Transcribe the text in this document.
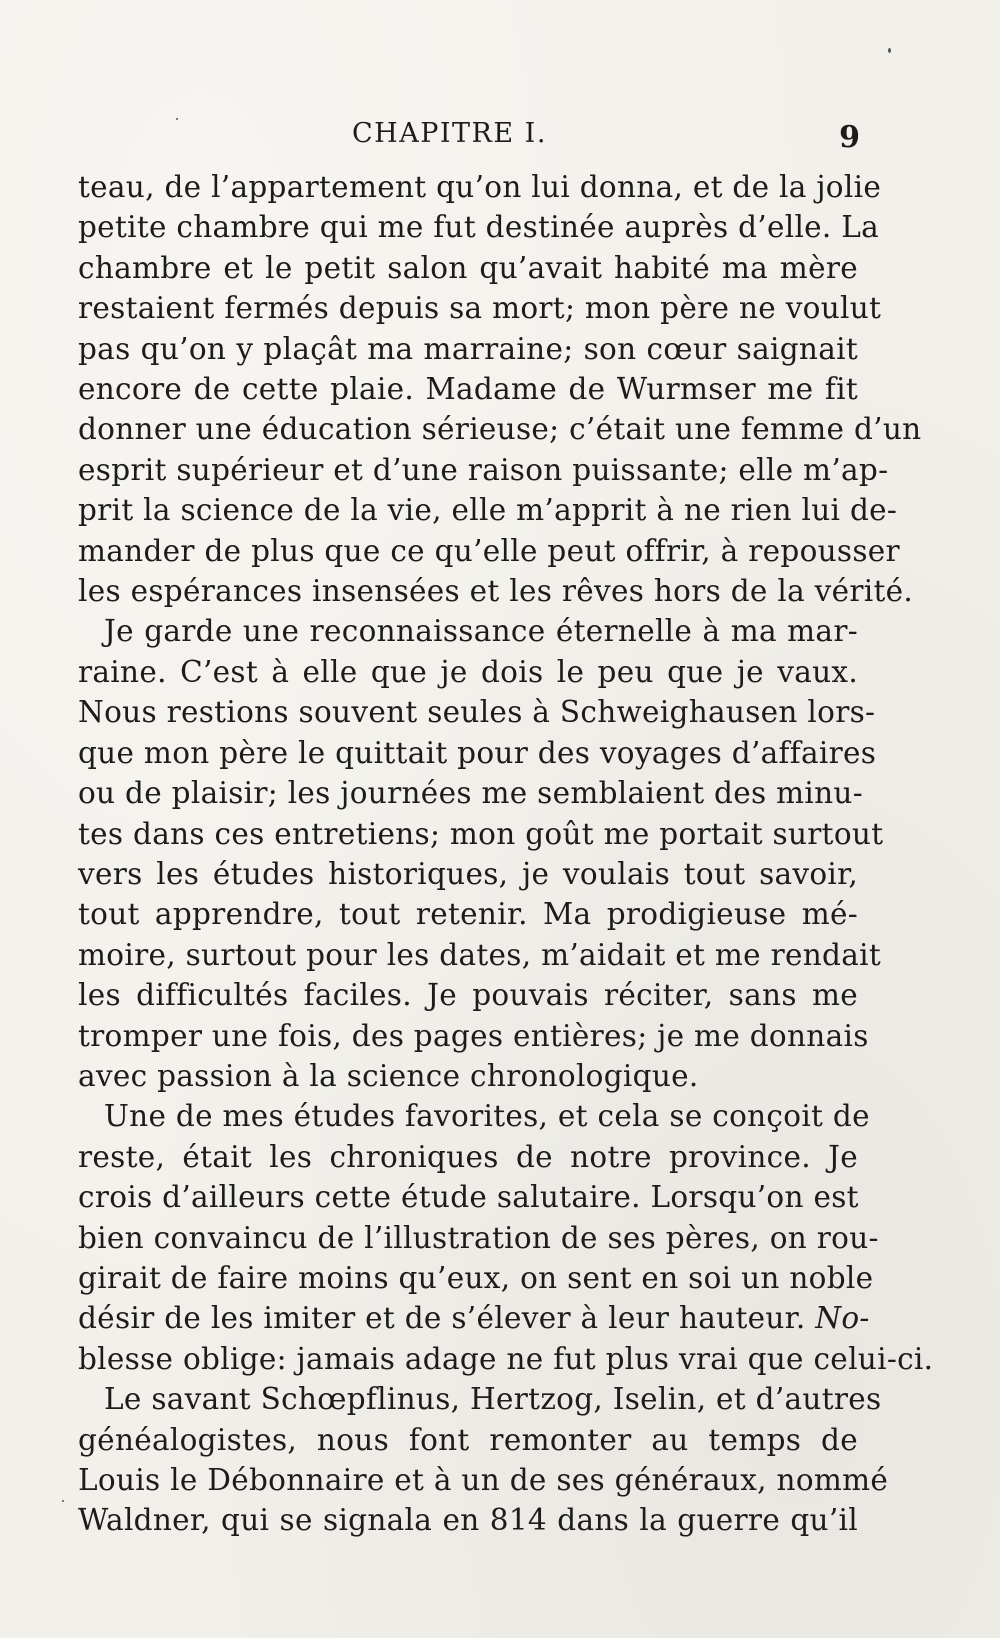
CHAPITRE I.	9
teau, de l’appartement qu’on lui donna, et de la jolie
petite chambre qui me fut destinée auprès d’elle. La
chambre et le petit salon qu’avait habité ma mère
restaient fermés depuis sa mort; mon père ne voulut
pas qu’on y plaçât ma marraine; son cœur saignait
encore de cette plaie. Madame de Wurmser me fit
donner une éducation sérieuse; c’était une femme d’un
esprit supérieur et d’une raison puissante; elle m’ap-
prit la science de la vie, elle m’apprit à ne rien lui de-
mander de plus que ce qu’elle peut offrir, à repousser
les espérances insensées et les rêves hors de la vérité.
Je garde une reconnaissance éternelle à ma mar-
raine. C’est à elle que je dois le peu que je vaux.
Nous restions souvent seules à Schweighausen lors-
que mon père le quittait pour des voyages d’affaires
ou de plaisir; les journées me semblaient des minu-
tes dans ces entretiens; mon goût me portait surtout
vers les études historiques, je voulais tout savoir,
tout apprendre, tout retenir. Ma prodigieuse mé-
moire, surtout pour les dates, m’aidait et me rendait
les difficultés faciles. Je pouvais réciter, sans me
tromper une fois, des pages entières; je me donnais
avec passion à la science chronologique.
Une de mes études favorites, et cela se conçoit de
reste, était les chroniques de notre province. Je
crois d’ailleurs cette étude salutaire. Lorsqu’on est
bien convaincu de l’illustration de ses pères, on rou-
girait de faire moins qu’eux, on sent en soi un noble
désir de les imiter et de s’élever à leur hauteur. No-
blesse oblige: jamais adage ne fut plus vrai que celui-ci.
Le savant Schœpflinus, Hertzog, Iselin, et d’autres
généalogistes, nous font remonter au temps de
Louis le Débonnaire et à un de ses généraux, nommé
Waldner, qui se signala en 814 dans la guerre qu’il
